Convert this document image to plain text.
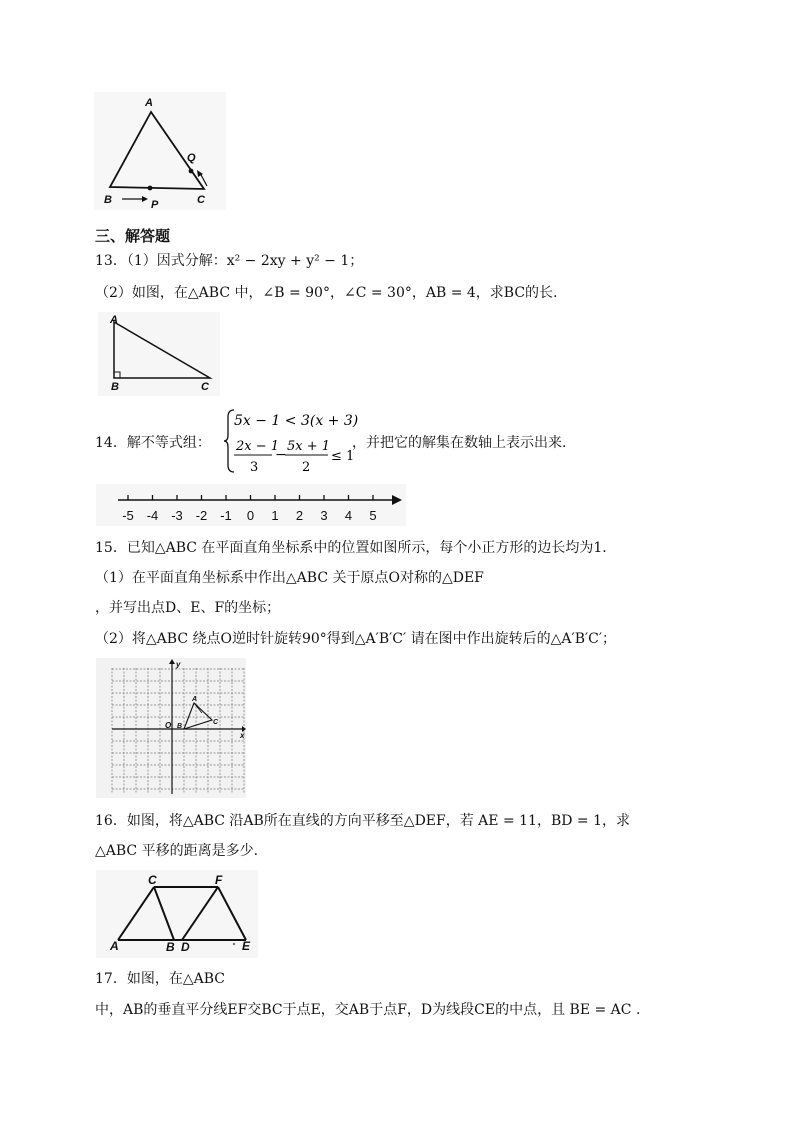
A
Q
B	P	C
三、解答题
13．（1）因式分解：x² − 2xy + y² − 1；
（2）如图，在△ABC 中，∠B = 90°，∠C = 30°，AB = 4，求BC的长.
A
B	C
14．解不等式组：
5x − 1 < 3(x + 3)
2x − 1
3
−
5x + 1
2
≤ 1
，并把它的解集在数轴上表示出来.
-5 -4 -3 -2 -1 0 1 2 3 4 5
15．已知△ABC 在平面直角坐标系中的位置如图所示，每个小正方形的边长均为1.
（1）在平面直角坐标系中作出△ABC 关于原点O对称的△DEF
，并写出点D、E、F的坐标；
（2）将△ABC 绕点O逆时针旋转90°得到△A′B′C′ 请在图中作出旋转后的△A′B′C′；
y
x
O B
A
C
16．如图，将△ABC 沿AB所在直线的方向平移至△DEF，若 AE = 11，BD = 1，求
△ABC 平移的距离是多少.
C	F
A	B D	E
17．如图，在△ABC
中，AB的垂直平分线EF交BC于点E，交AB于点F，D为线段CE的中点，且 BE = AC .
